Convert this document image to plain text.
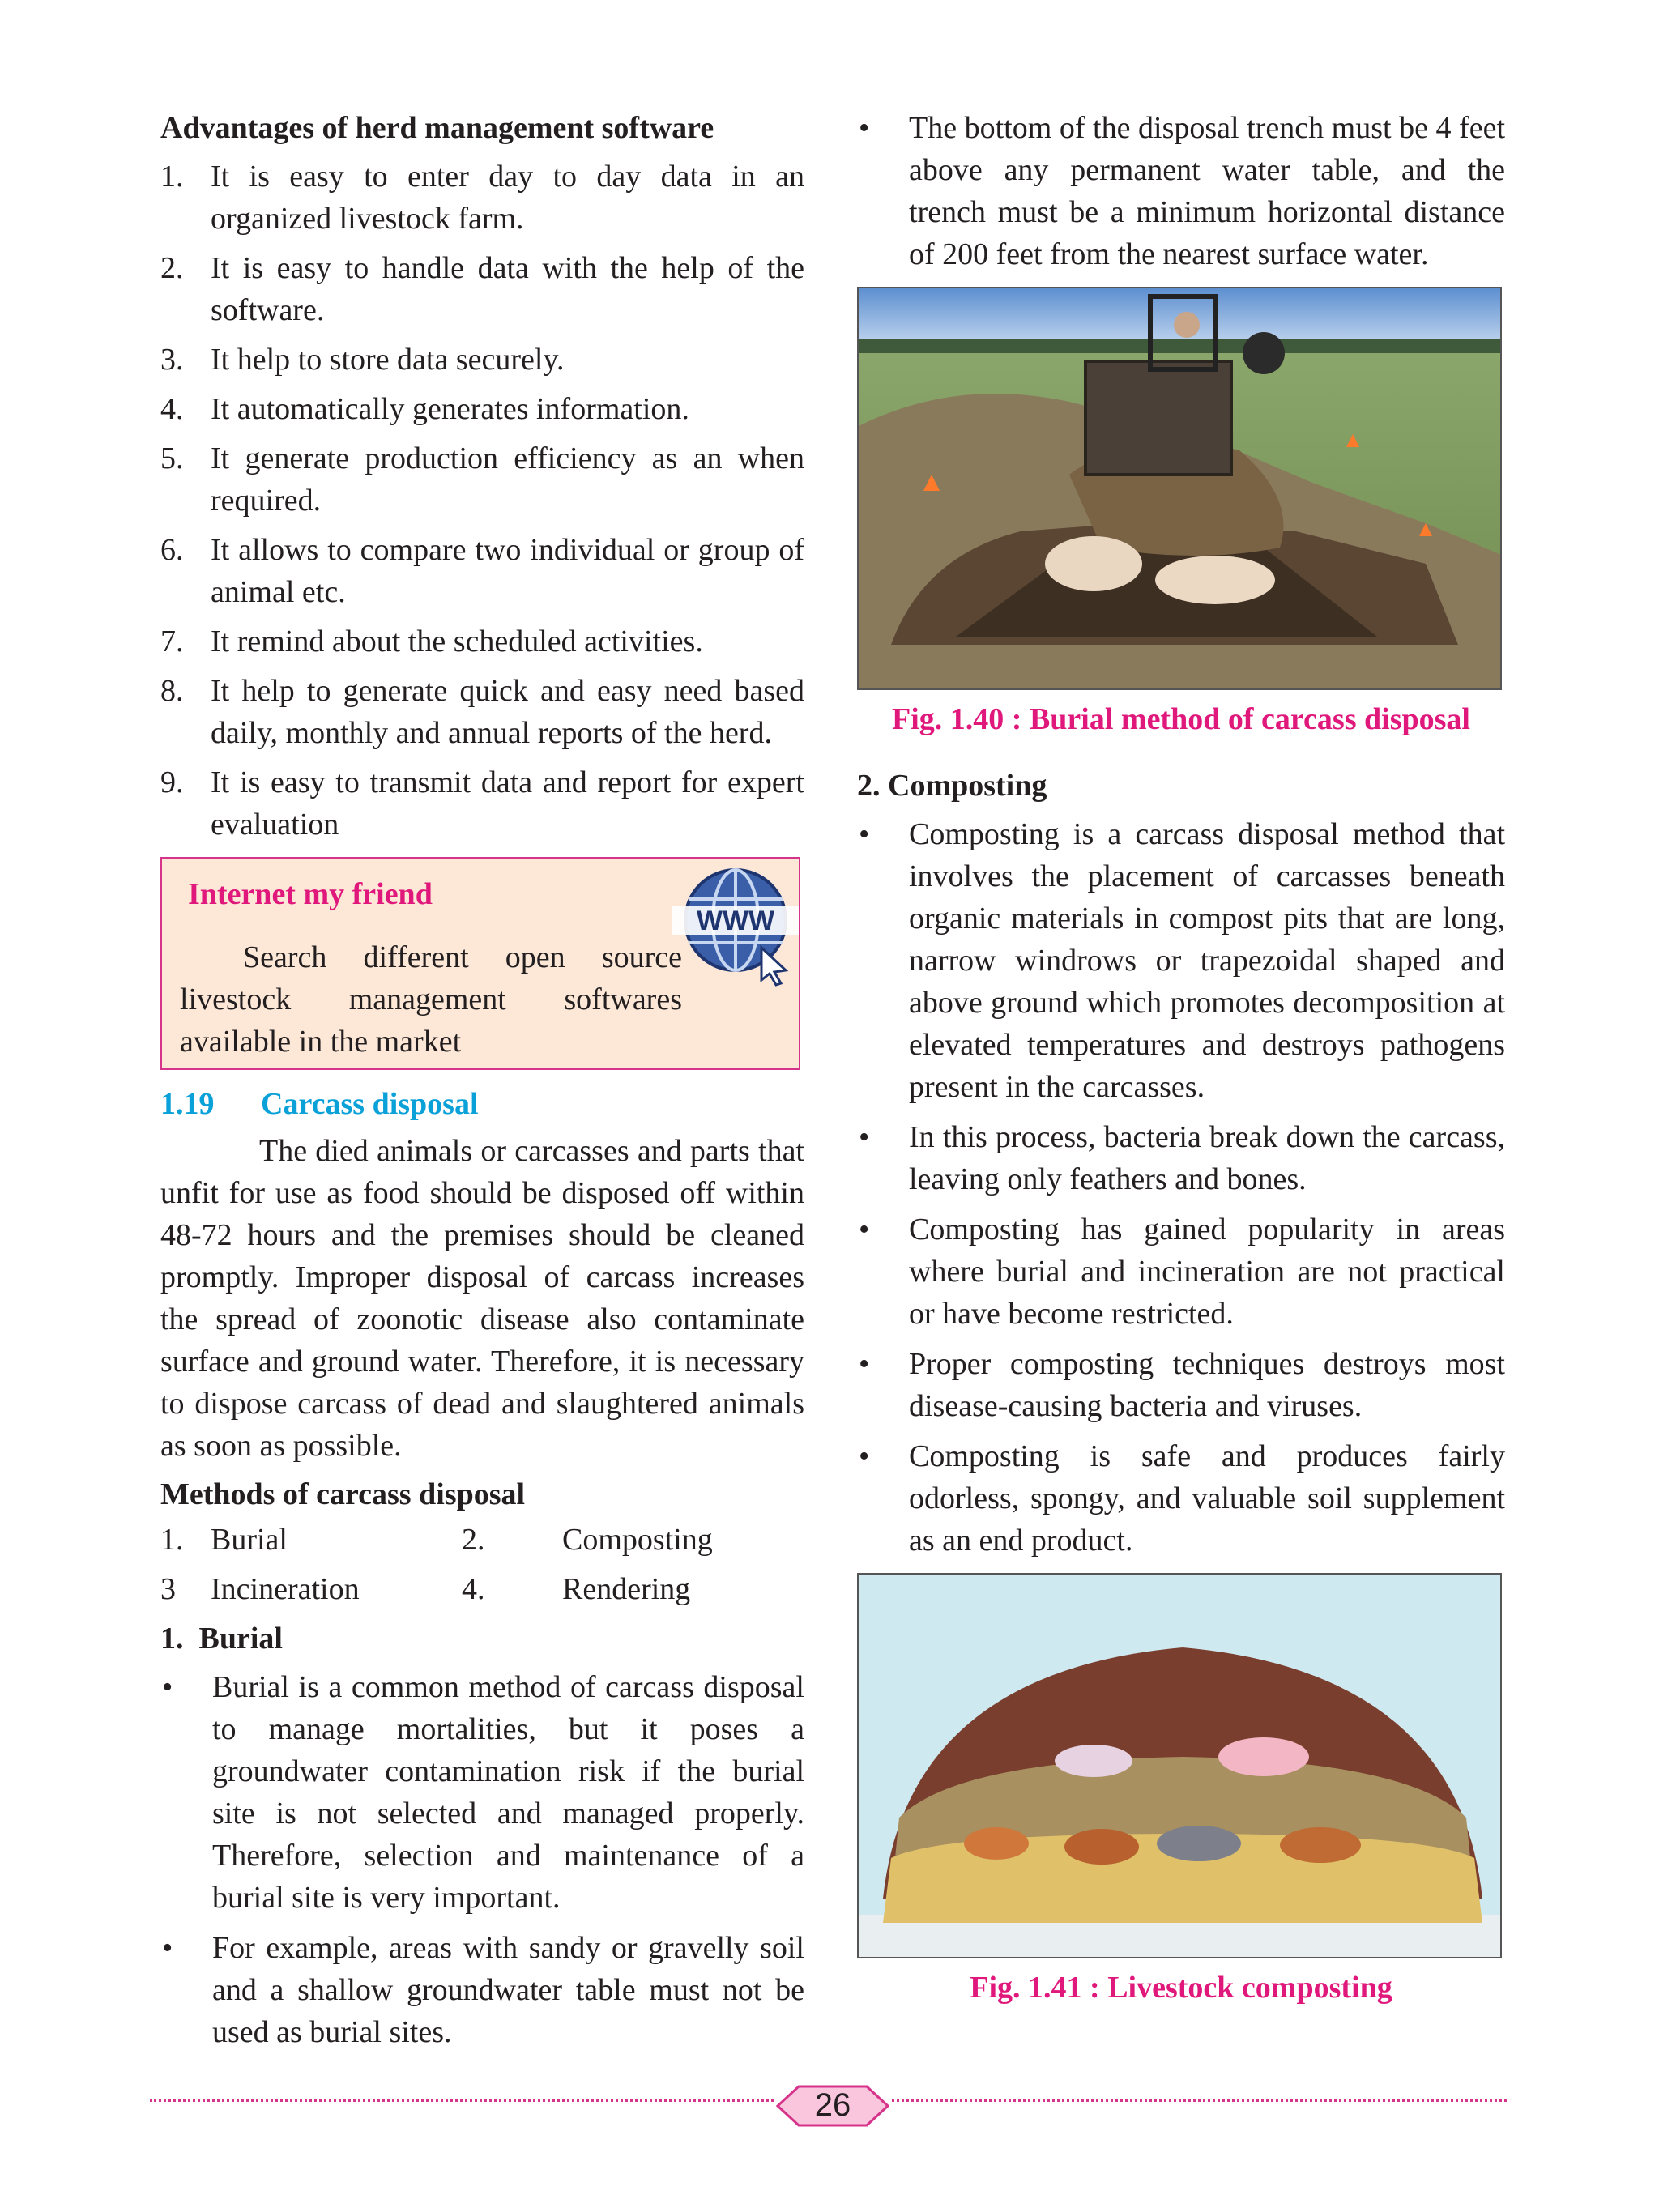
Advantages of herd management software
1. It is easy to enter day to day data in an organized livestock farm.
2. It is easy to handle data with the help of the software.
3. It help to store data securely.
4. It automatically generates information.
5. It generate production efficiency as an when required.
6. It allows to compare two individual or group of animal etc.
7. It remind about the scheduled activities.
8. It help to generate quick and easy need based daily, monthly and annual reports of the herd.
9. It is easy to transmit data and report for expert evaluation
Internet my friend
WWW
Search different open source livestock management softwares available in the market
1.19	Carcass disposal
The died animals or carcasses and parts that unfit for use as food should be disposed off within 48-72 hours and the premises should be cleaned promptly. Improper disposal of carcass increases the spread of zoonotic disease also contaminate surface and ground water. Therefore, it is necessary to dispose carcass of dead and slaughtered animals as soon as possible.
Methods of carcass disposal
1. Burial	2.	Composting
3	Incineration	4.	Rendering
1.  Burial
•	Burial is a common method of carcass disposal to manage mortalities, but it poses a groundwater contamination risk if the burial site is not selected and managed properly. Therefore, selection and maintenance of a burial site is very important.
•	For example, areas with sandy or gravelly soil and a shallow groundwater table must not be used as burial sites.
•	The bottom of the disposal trench must be 4 feet above any permanent water table, and the trench must be a minimum horizontal distance of 200 feet from the nearest surface water.
Fig. 1.40 : Burial method of carcass disposal
2. Composting
•	Composting is a carcass disposal method that involves the placement of carcasses beneath organic materials in compost pits that are long, narrow windrows or trapezoidal shaped and above ground which promotes decomposition at elevated temperatures and destroys pathogens present in the carcasses.
•	In this process, bacteria break down the carcass, leaving only feathers and bones.
•	Composting has gained popularity in areas where burial and incineration are not practical or have become restricted.
•	Proper composting techniques destroys most disease-causing bacteria and viruses.
•	Composting is safe and produces fairly odorless, spongy, and valuable soil supplement as an end product.
Fig. 1.41 : Livestock composting
26
